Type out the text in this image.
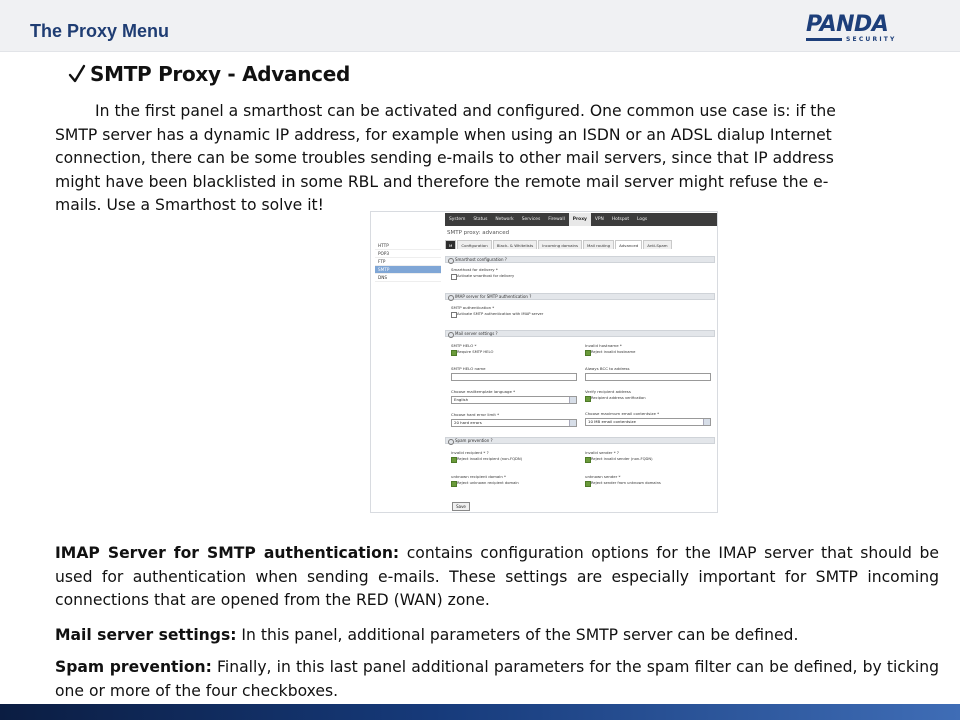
The Proxy Menu	PANDA
SECURITY
SMTP Proxy - Advanced
In the first panel a smarthost can be activated and configured. One common use case is: if the
SMTP server has a dynamic IP address, for example when using an ISDN or an ADSL dialup Internet
connection, there can be some troubles sending e-mails to other mail servers, since that IP address
might have been blacklisted in some RBL and therefore the remote mail server might refuse the e-
mails. Use a Smarthost to solve it!
System	Status	Network	Services	Firewall	Proxy	VPN	Hotspot	Logs
SMTP proxy: advanced
HTTP
POP3
FTP
SMTP
DNS
M	Configuration	Black- & Whitelists	Incoming domains	Mail routing	Advanced	Anti-Spam
Smarthost configuration ?
Smarthost for delivery *
Activate smarthost for delivery
IMAP server for SMTP authentication ?
SMTP authentication *
Activate SMTP authentication with IMAP server
Mail server settings ?
SMTP HELO *
Require SMTP HELO
Invalid hostname *
Reject invalid hostname
SMTP HELO name	Always BCC to address
Choose mailtemplate language *
English
Verify recipient address
Recipient address verification
Choose hard error limit *
20 hard errors
Choose maximum email contentsize *
10 MB email contentsize
Spam prevention ?
invalid recipient * ?
Reject invalid recipient (non-FQDN)
invalid sender * ?
Reject invalid sender (non-FQDN)
unknown recipient domain *
Reject unknown recipient domain
unknown sender *
Reject sender from unknown domains
Save

IMAP Server for SMTP authentication: contains configuration options for the IMAP server that should be used for authentication when sending e-mails. These settings are especially important for SMTP incoming connections that are opened from the RED (WAN) zone.

Mail server settings: In this panel, additional parameters of the SMTP server can be defined.

Spam prevention: Finally, in this last panel additional parameters for the spam filter can be defined, by ticking one or more of the four checkboxes.
